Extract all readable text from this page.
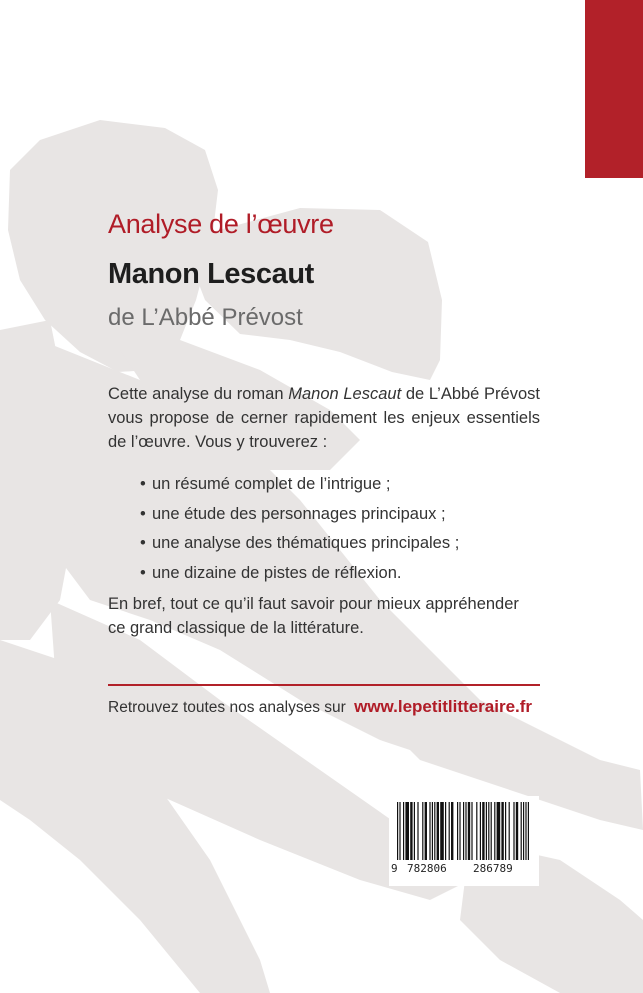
Analyse de l’œuvre
Manon Lescaut
de L’Abbé Prévost

Cette analyse du roman Manon Lescaut de L’Abbé Prévost vous propose de cerner rapidement les enjeux essentiels de l’œuvre. Vous y trouverez :

• un résumé complet de l’intrigue ;
• une étude des personnages principaux ;
• une analyse des thématiques principales ;
• une dizaine de pistes de réflexion.

En bref, tout ce qu’il faut savoir pour mieux appréhender ce grand classique de la littérature.

Retrouvez toutes nos analyses sur www.lepetitlitteraire.fr
9 782806 286789
